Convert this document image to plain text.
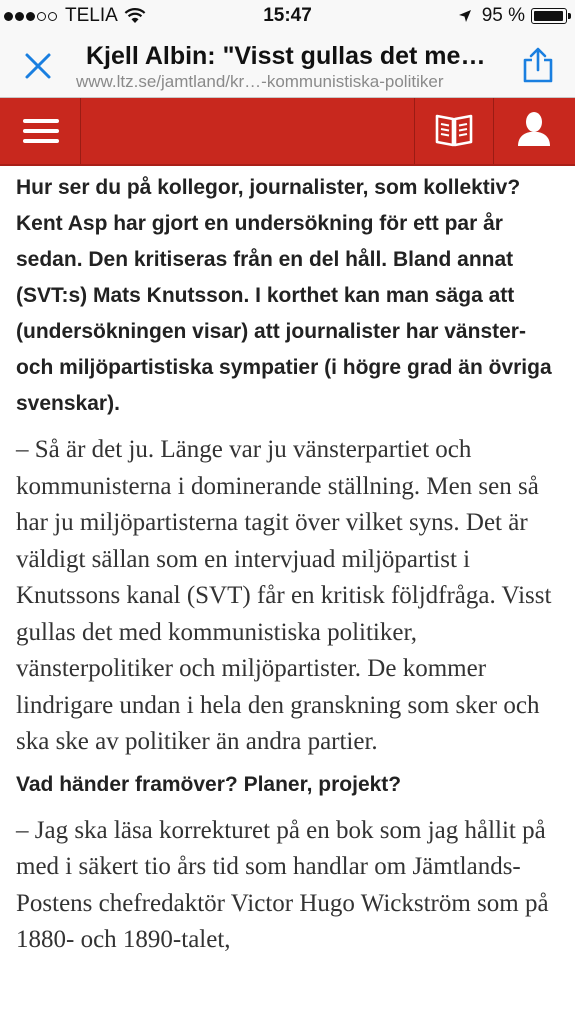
TELIA	15:47	95 %
Kjell Albin: "Visst gullas det me…
www.ltz.se/jamtland/kr…-kommunistiska-politiker

Hur ser du på kollegor, journalister, som kollektiv? Kent Asp har gjort en undersökning för ett par år sedan. Den kritiseras från en del håll. Bland annat (SVT:s) Mats Knutsson. I korthet kan man säga att (undersökningen visar) att journalister har vänster- och miljöpartistiska sympatier (i högre grad än övriga svenskar).

– Så är det ju. Länge var ju vänsterpartiet och kommunisterna i dominerande ställning. Men sen så har ju miljöpartisterna tagit över vilket syns. Det är väldigt sällan som en intervjuad miljöpartist i Knutssons kanal (SVT) får en kritisk följdfråga. Visst gullas det med kommunistiska politiker, vänsterpolitiker och miljöpartister. De kommer lindrigare undan i hela den granskning som sker och ska ske av politiker än andra partier.

Vad händer framöver? Planer, projekt?

– Jag ska läsa korrekturet på en bok som jag hållit på med i säkert tio års tid som handlar om Jämtlands-Postens chefredaktör Victor Hugo Wickström som på 1880- och 1890-talet,
